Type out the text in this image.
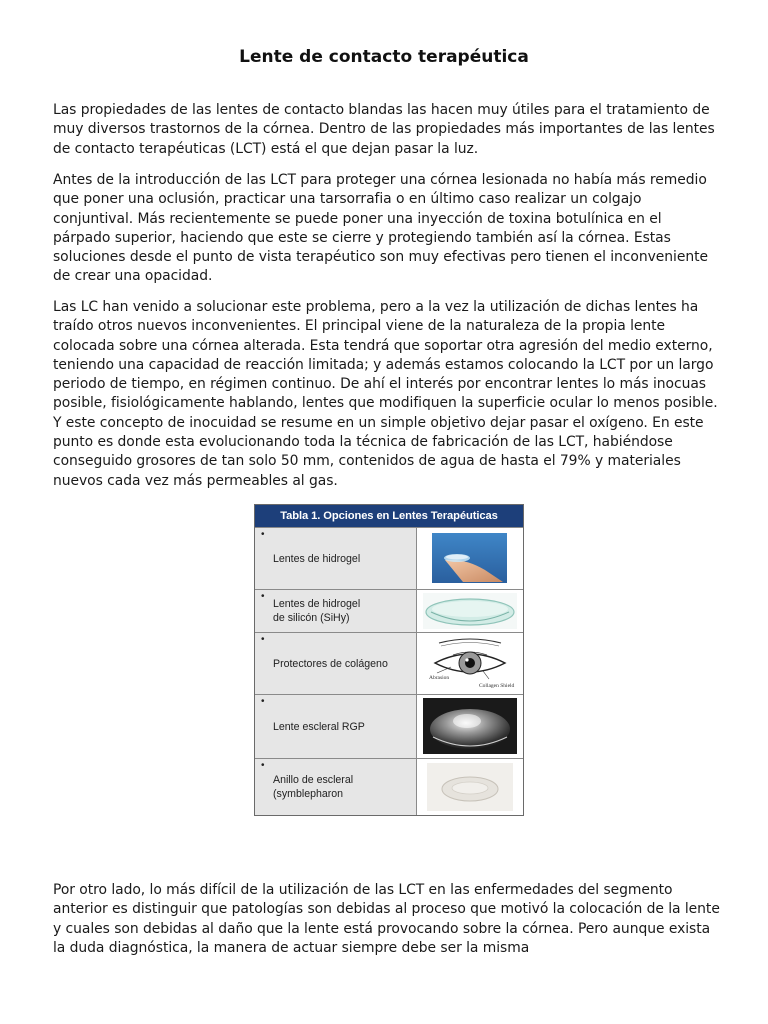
Lente de contacto terapéutica

Las propiedades de las lentes de contacto blandas las hacen muy útiles para el tratamiento de muy diversos trastornos de la córnea. Dentro de las propiedades más importantes de las lentes de contacto terapéuticas (LCT) está el que dejan pasar la luz.

Antes de la introducción de las LCT para proteger una córnea lesionada no había más remedio que poner una oclusión, practicar una tarsorrafia o en último caso realizar un colgajo conjuntival. Más recientemente se puede poner una inyección de toxina botulínica en el párpado superior, haciendo que este se cierre y protegiendo también así la córnea. Estas soluciones desde el punto de vista terapéutico son muy efectivas pero tienen el inconveniente de crear una opacidad.

Las LC han venido a solucionar este problema, pero a la vez la utilización de dichas lentes ha traído otros nuevos inconvenientes. El principal viene de la naturaleza de la propia lente colocada sobre una córnea alterada. Esta tendrá que soportar otra agresión del medio externo, teniendo una capacidad de reacción limitada; y además estamos colocando la LCT por un largo periodo de tiempo, en régimen continuo. De ahí el interés por encontrar lentes lo más inocuas posible, fisiológicamente hablando, lentes que modifiquen la superficie ocular lo menos posible. Y este concepto de inocuidad se resume en un simple objetivo dejar pasar el oxígeno. En este punto es donde esta evolucionando toda la técnica de fabricación de las LCT, habiéndose conseguido grosores de tan solo 50 mm, contenidos de agua de hasta el 79% y materiales nuevos cada vez más permeables al gas.

Tabla 1. Opciones en Lentes Terapéuticas
•
Lentes de hidrogel
•
Lentes de hidrogel
de silicón (SiHy)
•
Protectores de colágeno
Abrasion
Collagen Shield
•
Lente escleral RGP
•
Anillo de escleral
(symblepharon

Por otro lado, lo más difícil de la utilización de las LCT en las enfermedades del segmento anterior es distinguir que patologías son debidas al proceso que motivó la colocación de la lente y cuales son debidas al daño que la lente está provocando sobre la córnea. Pero aunque exista la duda diagnóstica, la manera de actuar siempre debe ser la misma
